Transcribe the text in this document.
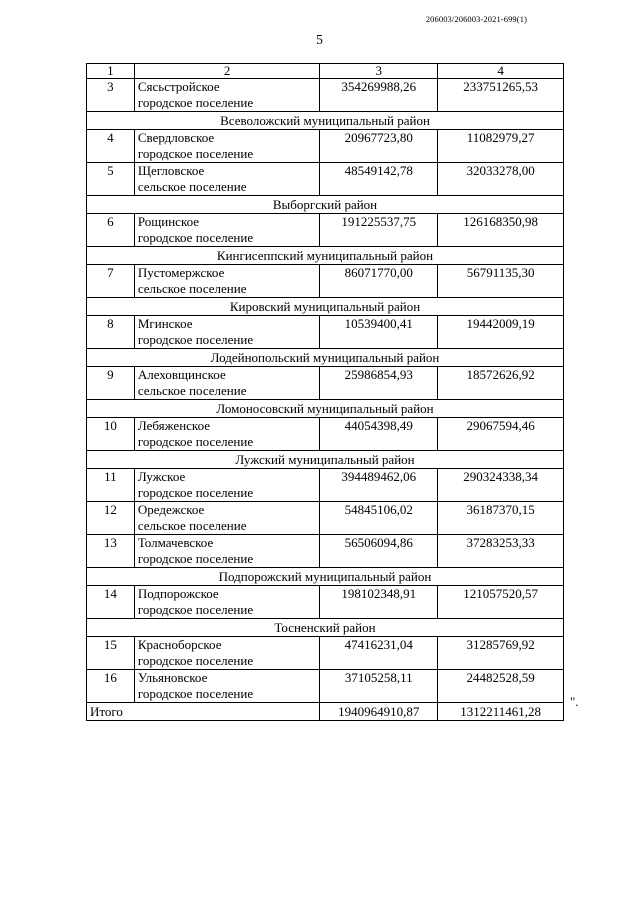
206003/206003-2021-699(1)
5
1	2	3	4
3	Сясьстройское
городское поселение	354269988,26	233751265,53
Всеволожский муниципальный район			
4	Свердловское
городское поселение	20967723,80	11082979,27
5	Щегловское
сельское поселение	48549142,78	32033278,00
Выборгский район			
6	Рощинское
городское поселение	191225537,75	126168350,98
Кингисеппский муниципальный район			
7	Пустомержское
сельское поселение	86071770,00	56791135,30
Кировский муниципальный район			
8	Мгинское
городское поселение	10539400,41	19442009,19
Лодейнопольский муниципальный район			
9	Алеховщинское
сельское поселение	25986854,93	18572626,92
Ломоносовский муниципальный район			
10	Лебяженское
городское поселение	44054398,49	29067594,46
Лужский муниципальный район			
11	Лужское
городское поселение	394489462,06	290324338,34
12	Оредежское
сельское поселение	54845106,02	36187370,15
13	Толмачевское
городское поселение	56506094,86	37283253,33
Подпорожский муниципальный район			
14	Подпорожское
городское поселение	198102348,91	121057520,57
Тосненский район			
15	Красноборское
городское поселение	47416231,04	31285769,92
16	Ульяновское
городское поселение	37105258,11	24482528,59
Итого		1940964910,87	1312211461,28
".
